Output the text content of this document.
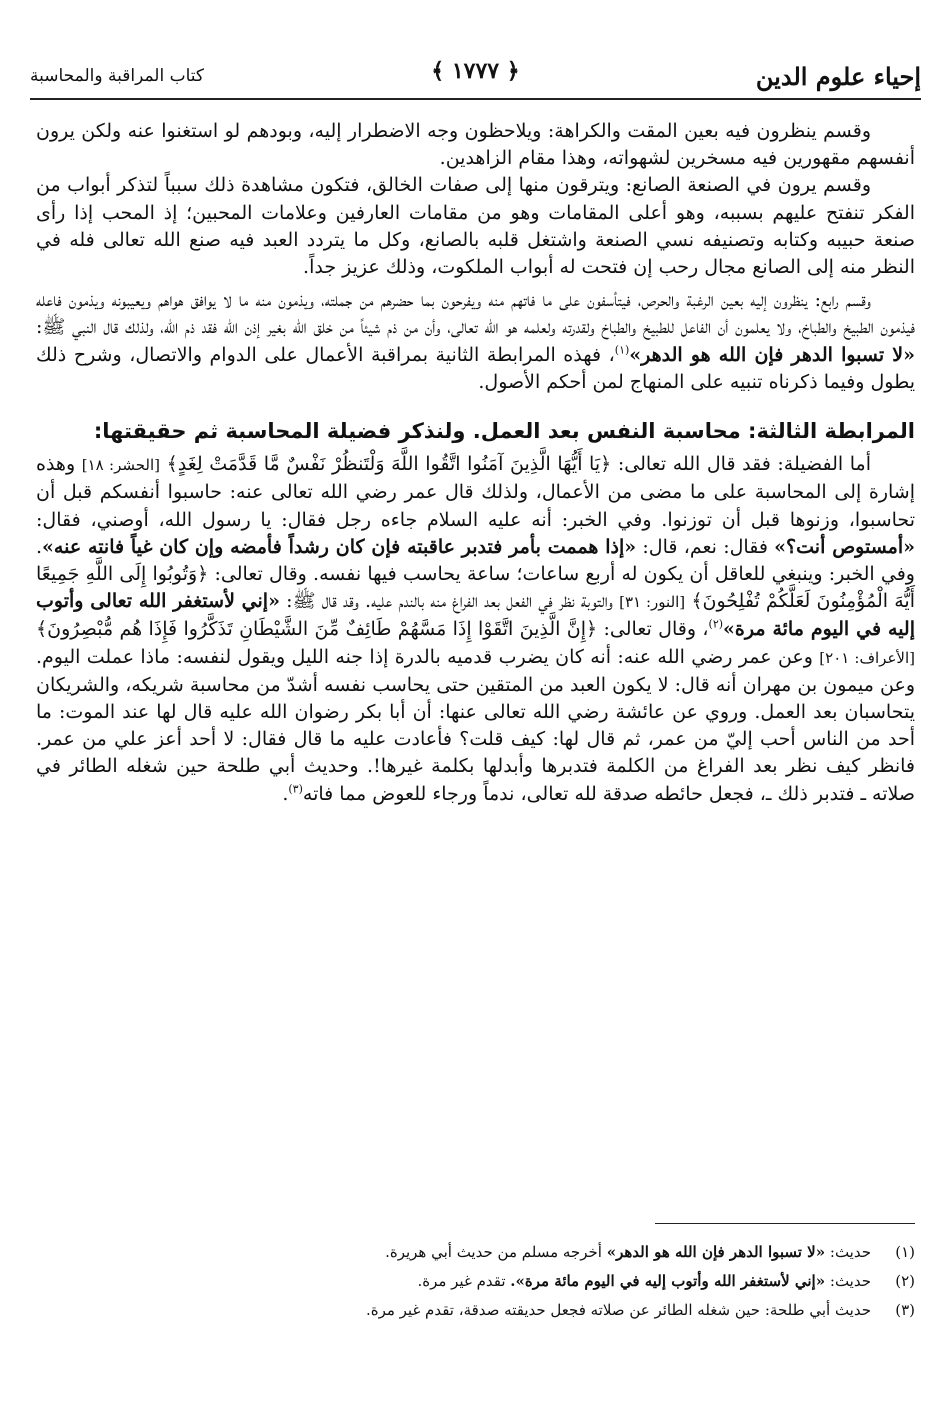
إحياء علوم الدين
﴿ ١٧٧٧ ﴾
كتاب المراقبة والمحاسبة

وقسم ينظرون فيه بعين المقت والكراهة: ويلاحظون وجه الاضطرار إليه، وبودهم لو استغنوا عنه ولكن يرون أنفسهم مقهورين فيه مسخرين لشهواته، وهذا مقام الزاهدين.

وقسم يرون في الصنعة الصانع: ويترقون منها إلى صفات الخالق، فتكون مشاهدة ذلك سبباً لتذكر أبواب من الفكر تنفتح عليهم بسببه، وهو أعلى المقامات وهو من مقامات العارفين وعلامات المحبين؛ إذ المحب إذا رأى صنعة حبيبه وكتابه وتصنيفه نسي الصنعة واشتغل قلبه بالصانع، وكل ما يتردد العبد فيه صنع الله تعالى فله في النظر منه إلى الصانع مجال رحب إن فتحت له أبواب الملكوت، وذلك عزيز جداً.

وقسم رابع: ينظرون إليه بعين الرغبة والحرص، فيتأسفون على ما فاتهم منه ويفرحون بما حضرهم من جملته، ويذمون منه ما لا يوافق هواهم ويعيبونه ويذمون فاعله فيذمون الطبيخ والطباخ، ولا يعلمون أن الفاعل للطبيخ والطباخ ولقدرته ولعلمه هو الله تعالى، وأن من ذم شيئاً من خلق الله بغير إذن الله فقد ذم الله، ولذلك قال النبي ﷺ: «لا تسبوا الدهر فإن الله هو الدهر»$^{(١)}$، فهذه المرابطة الثانية بمراقبة الأعمال على الدوام والاتصال، وشرح ذلك يطول وفيما ذكرناه تنبيه على المنهاج لمن أحكم الأصول.

المرابطة الثالثة: محاسبة النفس بعد العمل. ولنذكر فضيلة المحاسبة ثم حقيقتها:

أما الفضيلة: فقد قال الله تعالى: ﴿يَا أَيُّهَا الَّذِينَ آمَنُوا اتَّقُوا اللَّهَ وَلْتَنظُرْ نَفْسٌ مَّا قَدَّمَتْ لِغَدٍ﴾ [الحشر: ١٨] وهذه إشارة إلى المحاسبة على ما مضى من الأعمال، ولذلك قال عمر رضي الله تعالى عنه: حاسبوا أنفسكم قبل أن تحاسبوا، وزنوها قبل أن توزنوا. وفي الخبر: أنه عليه السلام جاءه رجل فقال: يا رسول الله، أوصني، فقال: «أمستوص أنت؟» فقال: نعم، قال: «إذا هممت بأمر فتدبر عاقبته فإن كان رشداً فأمضه وإن كان غياً فانته عنه». وفي الخبر: وينبغي للعاقل أن يكون له أربع ساعات؛ ساعة يحاسب فيها نفسه. وقال تعالى: ﴿وَتُوبُوا إِلَى اللَّهِ جَمِيعًا أَيُّهَ الْمُؤْمِنُونَ لَعَلَّكُمْ تُفْلِحُونَ﴾ [النور: ٣١] والتوبة نظر في الفعل بعد الفراغ منه بالندم عليه. وقد قال ﷺ: «إني لأستغفر الله تعالى وأتوب إليه في اليوم مائة مرة»$^{(٢)}$، وقال تعالى: ﴿إِنَّ الَّذِينَ اتَّقَوْا إِذَا مَسَّهُمْ طَائِفٌ مِّنَ الشَّيْطَانِ تَذَكَّرُوا فَإِذَا هُم مُّبْصِرُونَ﴾ [الأعراف: ٢٠١] وعن عمر رضي الله عنه: أنه كان يضرب قدميه بالدرة إذا جنه الليل ويقول لنفسه: ماذا عملت اليوم. وعن ميمون بن مهران أنه قال: لا يكون العبد من المتقين حتى يحاسب نفسه أشدّ من محاسبة شريكه، والشريكان يتحاسبان بعد العمل. وروي عن عائشة رضي الله تعالى عنها: أن أبا بكر رضوان الله عليه قال لها عند الموت: ما أحد من الناس أحب إليّ من عمر، ثم قال لها: كيف قلت؟ فأعادت عليه ما قال فقال: لا أحد أعز علي من عمر. فانظر كيف نظر بعد الفراغ من الكلمة فتدبرها وأبدلها بكلمة غيرها!. وحديث أبي طلحة حين شغله الطائر في صلاته ـ فتدبر ذلك ـ، فجعل حائطه صدقة لله تعالى، ندماً ورجاء للعوض مما فاته$^{(٣)}$.

(١)
حديث: «لا تسبوا الدهر فإن الله هو الدهر» أخرجه مسلم من حديث أبي هريرة.
(٢)
حديث: «إني لأستغفر الله وأتوب إليه في اليوم مائة مرة». تقدم غير مرة.
(٣)
حديث أبي طلحة: حين شغله الطائر عن صلاته فجعل حديقته صدقة، تقدم غير مرة.
